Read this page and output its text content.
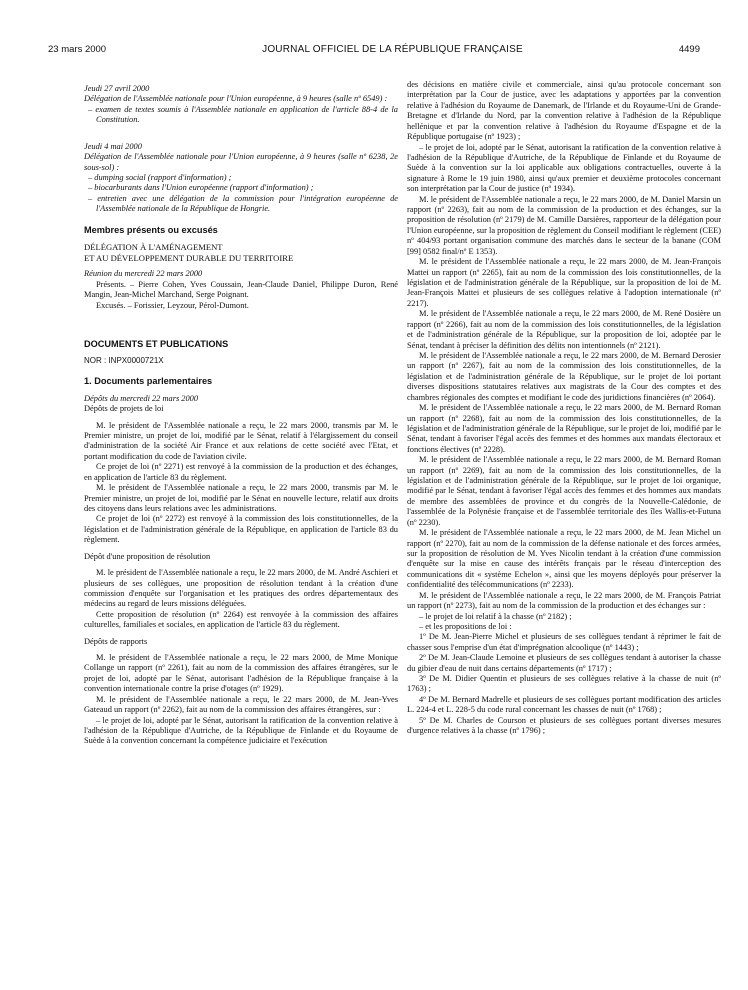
23 mars 2000	JOURNAL OFFICIEL DE LA RÉPUBLIQUE FRANÇAISE	4499

Jeudi 27 avril 2000

Délégation de l'Assemblée nationale pour l'Union européenne, à 9 heures (salle nº 6549) :

– examen de textes soumis à l'Assemblée nationale en application de l'article 88-4 de la Constitution.

Jeudi 4 mai 2000

Délégation de l'Assemblée nationale pour l'Union européenne, à 9 heures (salle nº 6238, 2e sous-sol) :

– dumping social (rapport d'information) ;

– biocarburants dans l'Union européenne (rapport d'information) ;

– entretien avec une délégation de la commission pour l'intégration européenne de l'Assemblée nationale de la République de Hongrie.

Membres présents ou excusés

DÉLÉGATION À L'AMÉNAGEMENT

ET AU DÉVELOPPEMENT DURABLE DU TERRITOIRE

Réunion du mercredi 22 mars 2000

Présents. – Pierre Cohen, Yves Coussain, Jean-Claude Daniel, Philippe Duron, René Mangin, Jean-Michel Marchand, Serge Poignant.

Excusés. – Forissier, Leyzour, Pérol-Dumont.

DOCUMENTS ET PUBLICATIONS

NOR : INPX0000721X

1. Documents parlementaires

Dépôts du mercredi 22 mars 2000

Dépôts de projets de loi

M. le président de l'Assemblée nationale a reçu, le 22 mars 2000, transmis par M. le Premier ministre, un projet de loi, modifié par le Sénat, relatif à l'élargissement du conseil d'administration de la société Air France et aux relations de cette société avec l'Etat, et portant modification du code de l'aviation civile.

Ce projet de loi (nº 2271) est renvoyé à la commission de la production et des échanges, en application de l'article 83 du règlement.

M. le président de l'Assemblée nationale a reçu, le 22 mars 2000, transmis par M. le Premier ministre, un projet de loi, modifié par le Sénat en nouvelle lecture, relatif aux droits des citoyens dans leurs relations avec les administrations.

Ce projet de loi (nº 2272) est renvoyé à la commission des lois constitutionnelles, de la législation et de l'administration générale de la République, en application de l'article 83 du règlement.

Dépôt d'une proposition de résolution

M. le président de l'Assemblée nationale a reçu, le 22 mars 2000, de M. André Aschieri et plusieurs de ses collègues, une proposition de résolution tendant à la création d'une commission d'enquête sur l'organisation et les pratiques des ordres départementaux des médecins au regard de leurs missions déléguées.

Cette proposition de résolution (nº 2264) est renvoyée à la commission des affaires culturelles, familiales et sociales, en application de l'article 83 du règlement.

Dépôts de rapports

M. le président de l'Assemblée nationale a reçu, le 22 mars 2000, de Mme Monique Collange un rapport (nº 2261), fait au nom de la commission des affaires étrangères, sur le projet de loi, adopté par le Sénat, autorisant l'adhésion de la République française à la convention internationale contre la prise d'otages (nº 1929).

M. le président de l'Assemblée nationale a reçu, le 22 mars 2000, de M. Jean-Yves Gateaud un rapport (nº 2262), fait au nom de la commission des affaires étrangères, sur :

– le projet de loi, adopté par le Sénat, autorisant la ratification de la convention relative à l'adhésion de la République d'Autriche, de la République de Finlande et du Royaume de Suède à la convention concernant la compétence judiciaire et l'exécution

des décisions en matière civile et commerciale, ainsi qu'au protocole concernant son interprétation par la Cour de justice, avec les adaptations y apportées par la convention relative à l'adhésion du Royaume de Danemark, de l'Irlande et du Royaume-Uni de Grande-Bretagne et d'Irlande du Nord, par la convention relative à l'adhésion de la République hellénique et par la convention relative à l'adhésion du Royaume d'Espagne et de la République portugaise (nº 1923) ;

– le projet de loi, adopté par le Sénat, autorisant la ratification de la convention relative à l'adhésion de la République d'Autriche, de la République de Finlande et du Royaume de Suède à la convention sur la loi applicable aux obligations contractuelles, ouverte à la signature à Rome le 19 juin 1980, ainsi qu'aux premier et deuxième protocoles concernant son interprétation par la Cour de justice (nº 1934).

M. le président de l'Assemblée nationale a reçu, le 22 mars 2000, de M. Daniel Marsin un rapport (nº 2263), fait au nom de la commission de la production et des échanges, sur la proposition de résolution (nº 2179) de M. Camille Darsières, rapporteur de la délégation pour l'Union européenne, sur la proposition de règlement du Conseil modifiant le règlement (CEE) nº 404/93 portant organisation commune des marchés dans le secteur de la banane (COM [99] 0582 final/nº E 1353).

M. le président de l'Assemblée nationale a reçu, le 22 mars 2000, de M. Jean-François Mattei un rapport (nº 2265), fait au nom de la commission des lois constitutionnelles, de la législation et de l'administration générale de la République, sur la proposition de loi de M. Jean-François Mattei et plusieurs de ses collègues relative à l'adoption internationale (nº 2217).

M. le président de l'Assemblée nationale a reçu, le 22 mars 2000, de M. René Dosière un rapport (nº 2266), fait au nom de la commission des lois constitutionnelles, de la législation et de l'administration générale de la République, sur la proposition de loi, adoptée par le Sénat, tendant à préciser la définition des délits non intentionnels (nº 2121).

M. le président de l'Assemblée nationale a reçu, le 22 mars 2000, de M. Bernard Derosier un rapport (nº 2267), fait au nom de la commission des lois constitutionnelles, de la législation et de l'administration générale de la République, sur le projet de loi portant diverses dispositions statutaires relatives aux magistrats de la Cour des comptes et des chambres régionales des comptes et modifiant le code des juridictions financières (nº 2064).

M. le président de l'Assemblée nationale a reçu, le 22 mars 2000, de M. Bernard Roman un rapport (nº 2268), fait au nom de la commission des lois constitutionnelles, de la législation et de l'administration générale de la République, sur le projet de loi, modifié par le Sénat, tendant à favoriser l'égal accès des femmes et des hommes aux mandats électoraux et fonctions électives (nº 2228).

M. le président de l'Assemblée nationale a reçu, le 22 mars 2000, de M. Bernard Roman un rapport (nº 2269), fait au nom de la commission des lois constitutionnelles, de la législation et de l'administration générale de la République, sur le projet de loi organique, modifié par le Sénat, tendant à favoriser l'égal accès des femmes et des hommes aux mandats de membre des assemblées de province et du congrès de la Nouvelle-Calédonie, de l'assemblée de la Polynésie française et de l'assemblée territoriale des îles Wallis-et-Futuna (nº 2230).

M. le président de l'Assemblée nationale a reçu, le 22 mars 2000, de M. Jean Michel un rapport (nº 2270), fait au nom de la commission de la défense nationale et des forces armées, sur la proposition de résolution de M. Yves Nicolin tendant à la création d'une commission d'enquête sur la mise en cause des intérêts français par le réseau d'interception des communications dit « système Echelon », ainsi que les moyens déployés pour préserver la confidentialité des télécommunications (nº 2233).

M. le président de l'Assemblée nationale a reçu, le 22 mars 2000, de M. François Patriat un rapport (nº 2273), fait au nom de la commission de la production et des échanges sur :

– le projet de loi relatif à la chasse (nº 2182) ;

– et les propositions de loi :

1º De M. Jean-Pierre Michel et plusieurs de ses collègues tendant à réprimer le fait de chasser sous l'emprise d'un état d'imprégnation alcoolique (nº 1443) ;

2º De M. Jean-Claude Lemoine et plusieurs de ses collègues tendant à autoriser la chasse du gibier d'eau de nuit dans certains départements (nº 1717) ;

3º De M. Didier Quentin et plusieurs de ses collègues relative à la chasse de nuit (nº 1763) ;

4º De M. Bernard Madrelle et plusieurs de ses collègues portant modification des articles L. 224-4 et L. 228-5 du code rural concernant les chasses de nuit (nº 1768) ;

5º De M. Charles de Courson et plusieurs de ses collègues portant diverses mesures d'urgence relatives à la chasse (nº 1796) ;
